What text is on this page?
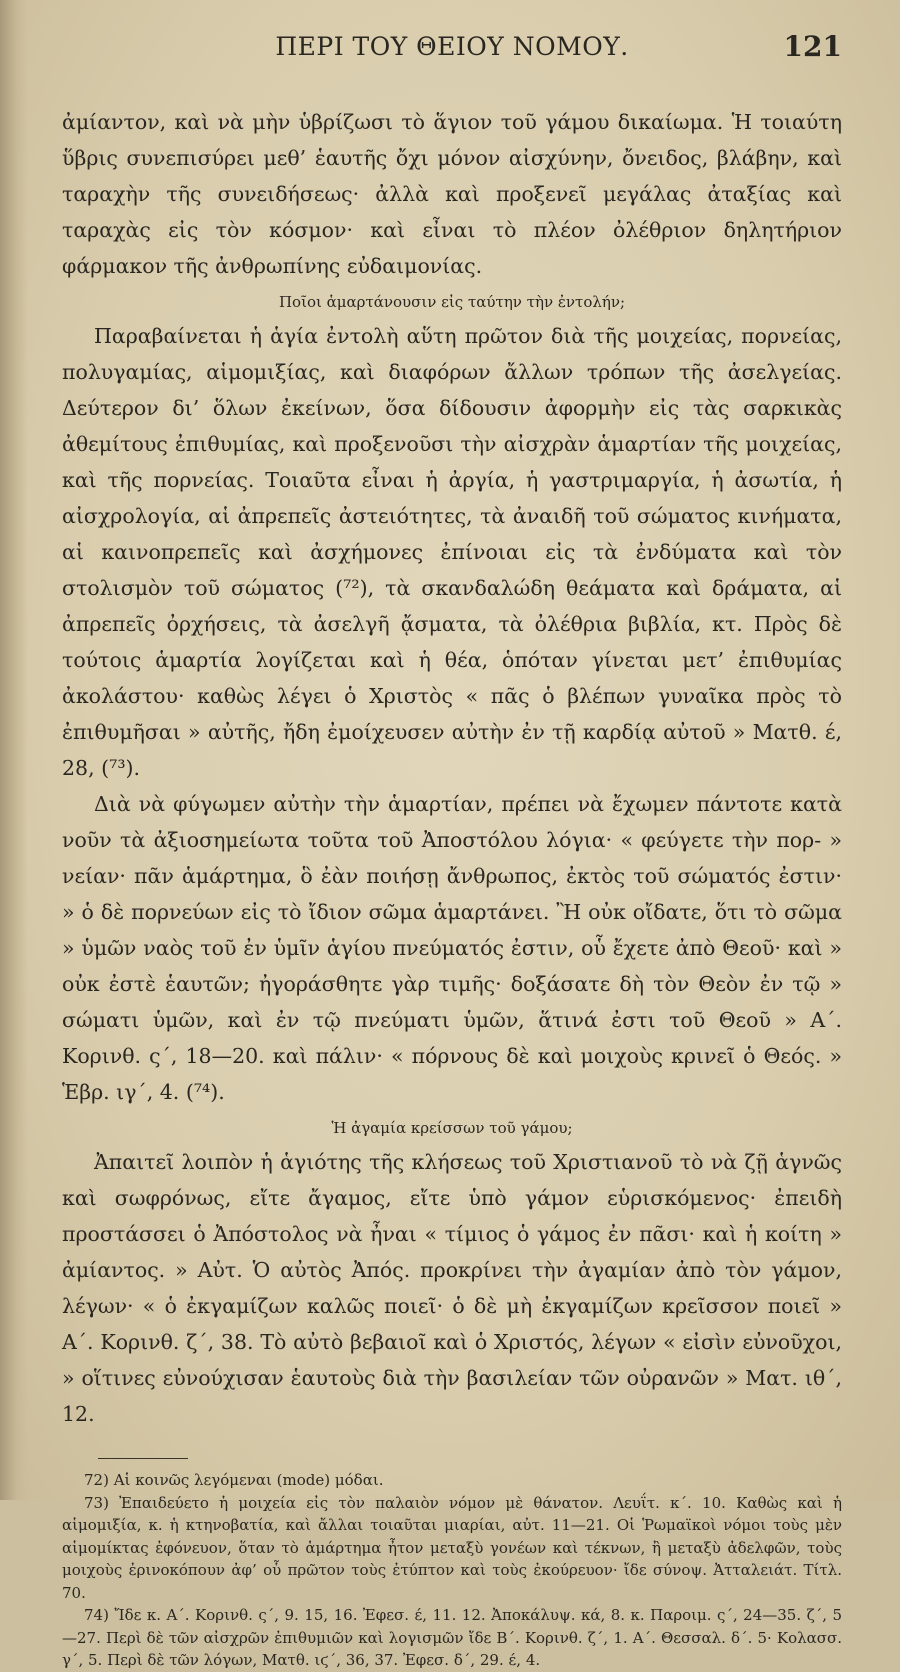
ΠΕΡΙ ΤΟΥ ΘΕΙΟΥ ΝΟΜΟΥ.	121

ἀμίαντον, καὶ νὰ μὴν ὑβρίζωσι τὸ ἅγιον τοῦ γάμου δικαίωμα. Ἡ τοιαύτη ὕβρις συνεπισύρει μεθ’ ἑαυτῆς ὄχι μόνον αἰσχύνην, ὄνειδος, βλάβην, καὶ ταραχὴν τῆς συνειδήσεως· ἀλλὰ καὶ προξενεῖ μεγάλας ἀταξίας καὶ ταραχὰς εἰς τὸν κόσμον· καὶ εἶναι τὸ πλέον ὀλέθριον δηλητήριον φάρμακον τῆς ἀνθρωπίνης εὐδαιμονίας.

Ποῖοι ἁμαρτάνουσιν εἰς ταύτην τὴν ἐντολήν;

Παραβαίνεται ἡ ἁγία ἐντολὴ αὕτη πρῶτον διὰ τῆς μοιχείας, πορνείας, πολυγαμίας, αἱμομιξίας, καὶ διαφόρων ἄλλων τρόπων τῆς ἀσελγείας. Δεύτερον δι’ ὅλων ἐκείνων, ὅσα δίδουσιν ἀφορμὴν εἰς τὰς σαρκικὰς ἀθεμίτους ἐπιθυμίας, καὶ προξενοῦσι τὴν αἰσχρὰν ἁμαρτίαν τῆς μοιχείας, καὶ τῆς πορνείας. Τοιαῦτα εἶναι ἡ ἀργία, ἡ γαστριμαργία, ἡ ἀσωτία, ἡ αἰσχρολογία, αἱ ἀπρεπεῖς ἀστειότητες, τὰ ἀναιδῆ τοῦ σώματος κινήματα, αἱ καινοπρεπεῖς καὶ ἀσχήμονες ἐπίνοιαι εἰς τὰ ἐνδύματα καὶ τὸν στολισμὸν τοῦ σώματος (⁷²), τὰ σκανδαλώδη θεάματα καὶ δράματα, αἱ ἀπρεπεῖς ὀρχήσεις, τὰ ἀσελγῆ ᾄσματα, τὰ ὀλέθρια βιβλία, κτ. Πρὸς δὲ τούτοις ἁμαρτία λογίζεται καὶ ἡ θέα, ὁπόταν γίνεται μετ’ ἐπιθυμίας ἀκολάστου· καθὼς λέγει ὁ Χριστὸς « πᾶς ὁ βλέπων γυναῖκα πρὸς τὸ ἐπιθυμῆσαι » αὐτῆς, ἤδη ἐμοίχευσεν αὐτὴν ἐν τῇ καρδίᾳ αὐτοῦ » Ματθ. έ, 28, (⁷³).

Διὰ νὰ φύγωμεν αὐτὴν τὴν ἁμαρτίαν, πρέπει νὰ ἔχωμεν πάντοτε κατὰ νοῦν τὰ ἀξιοσημείωτα τοῦτα τοῦ Ἀποστόλου λόγια· « φεύγετε τὴν πορ- » νείαν· πᾶν ἁμάρτημα, ὃ ἐὰν ποιήσῃ ἄνθρωπος, ἐκτὸς τοῦ σώματός ἐστιν· » ὁ δὲ πορνεύων εἰς τὸ ἴδιον σῶμα ἁμαρτάνει. Ἢ οὐκ οἴδατε, ὅτι τὸ σῶμα » ὑμῶν ναὸς τοῦ ἐν ὑμῖν ἁγίου πνεύματός ἐστιν, οὗ ἔχετε ἀπὸ Θεοῦ· καὶ » οὐκ ἐστὲ ἑαυτῶν; ἠγοράσθητε γὰρ τιμῆς· δοξάσατε δὴ τὸν Θεὸν ἐν τῷ » σώματι ὑμῶν, καὶ ἐν τῷ πνεύματι ὑμῶν, ἅτινά ἐστι τοῦ Θεοῦ » Α΄. Κορινθ. ς΄, 18—20. καὶ πάλιν· « πόρνους δὲ καὶ μοιχοὺς κρινεῖ ὁ Θεός. » Ἑβρ. ιγ΄, 4. (⁷⁴).

Ἡ ἀγαμία κρείσσων τοῦ γάμου;

Ἀπαιτεῖ λοιπὸν ἡ ἁγιότης τῆς κλήσεως τοῦ Χριστιανοῦ τὸ νὰ ζῇ ἁγνῶς καὶ σωφρόνως, εἴτε ἄγαμος, εἴτε ὑπὸ γάμον εὑρισκόμενος· ἐπειδὴ προστάσσει ὁ Ἀπόστολος νὰ ἦναι « τίμιος ὁ γάμος ἐν πᾶσι· καὶ ἡ κοίτη » ἀμίαντος. » Αὐτ. Ὁ αὐτὸς Ἀπός. προκρίνει τὴν ἀγαμίαν ἀπὸ τὸν γάμον, λέγων· « ὁ ἐκγαμίζων καλῶς ποιεῖ· ὁ δὲ μὴ ἐκγαμίζων κρεῖσσον ποιεῖ » Α΄. Κορινθ. ζ΄, 38. Τὸ αὐτὸ βεβαιοῖ καὶ ὁ Χριστός, λέγων « εἰσὶν εὐνοῦχοι, » οἵτινες εὐνούχισαν ἑαυτοὺς διὰ τὴν βασιλείαν τῶν οὐρανῶν » Ματ. ιθ΄, 12.

72) Αἱ κοινῶς λεγόμεναι (mode) μόδαι.

73) Ἐπαιδεύετο ἡ μοιχεία εἰς τὸν παλαιὸν νόμον μὲ θάνατον. Λευΐτ. κ΄. 10. Καθὼς καὶ ἡ αἱμομιξία, κ. ἡ κτηνοβατία, καὶ ἄλλαι τοιαῦται μιαρίαι, αὐτ. 11—21. Οἱ Ῥωμαϊκοὶ νόμοι τοὺς μὲν αἱμομίκτας ἐφόνευον, ὅταν τὸ ἁμάρτημα ἦτον μεταξὺ γονέων καὶ τέκνων, ἢ μεταξὺ ἀδελφῶν, τοὺς μοιχοὺς ἐρινοκόπουν ἀφ’ οὗ πρῶτον τοὺς ἐτύπτον καὶ τοὺς ἐκούρευον· ἴδε σύνοψ. Ἀτταλειάτ. Τίτλ. 70.

74) Ἴδε κ. Α΄. Κορινθ. ς΄, 9. 15, 16. Ἐφεσ. έ, 11. 12. Ἀποκάλυψ. κά, 8. κ. Παροιμ. ς΄, 24—35. ζ΄, 5—27. Περὶ δὲ τῶν αἰσχρῶν ἐπιθυμιῶν καὶ λογισμῶν ἴδε Β΄. Κορινθ. ζ΄, 1. Α΄. Θεσσαλ. δ΄. 5· Κολασσ. γ΄, 5. Περὶ δὲ τῶν λόγων, Ματθ. ιϛ΄, 36, 37. Ἐφεσ. δ΄, 29. έ, 4.
